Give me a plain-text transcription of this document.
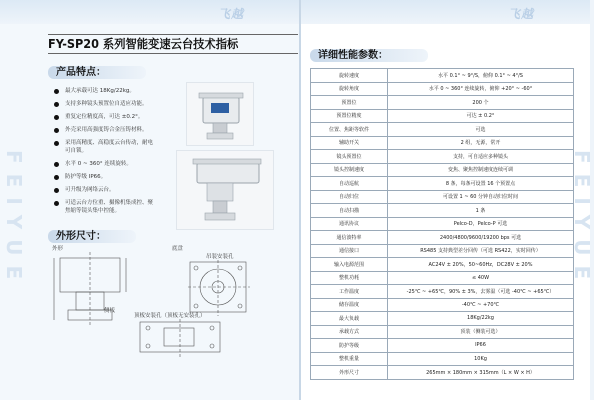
FEIYUE	FEIYUE
飞越	飞越
FY-SP20 系列智能变速云台技术指标
产品特点：
最大承载可达 18Kg/22kg。
支持多种镜头预置位自适应功能。
重复定位精度高，可达 ±0.2°。
外壳采用高强度铸合金压铸材料。
采用高精度、高稳度云台传动，耐电
可自锁。
水平 0 ~ 360° 连续旋转。
防护等级 IP66。
可升级为网络云台。
可适云台方位重、摄像机集成控、聚
焦缩等镜头集中控能。
外形尺寸：
外形	底盘
吊装安装孔
侧板
顶板安装孔（顶板无安装孔）
详细性能参数：
旋转速度	水平 0.1° ~ 9°/S，俯仰 0.1° ~ 4°/S
旋转角度	水平 0 ~ 360° 连续旋转，俯仰 +20° ~ -60°
预置位	200 个
预置位精度	可达 ± 0.2°
位置、焦距等软件	可选
辅助开关	2 组，无源，常开
镜头预置位	支持，可自适应多种镜头
镜头控制速度	变焦、聚焦控制速度连续可调
自动巡航	8 条，每条可设置 16 个预置点
自动归位	可设置 1 ~ 60 分钟自动归位时间
自动扫描	1 条
通讯协议	Pelco-D，Pelco-P 可选
通信波特率	2400/4800/9600/19200 bps 可选
通信接口	RS485 支持典型差分回传（可选 RS422，实时回传）
输入电源范围	AC24V ± 20%，50~60Hz，DC28V ± 20%
整机功耗	≤ 40W
工作温度	-25℃ ~ +65℃，90% ± 3%，去雾温（可选 -40℃ ~ +65℃）
储存温度	-40℃ ~ +70℃
最大负载	18Kg/22kg
承载方式	顶装（侧装可选）
防护等级	IP66
整机重量	10Kg
外形尺寸	265mm × 180mm × 315mm（L × W × H）
